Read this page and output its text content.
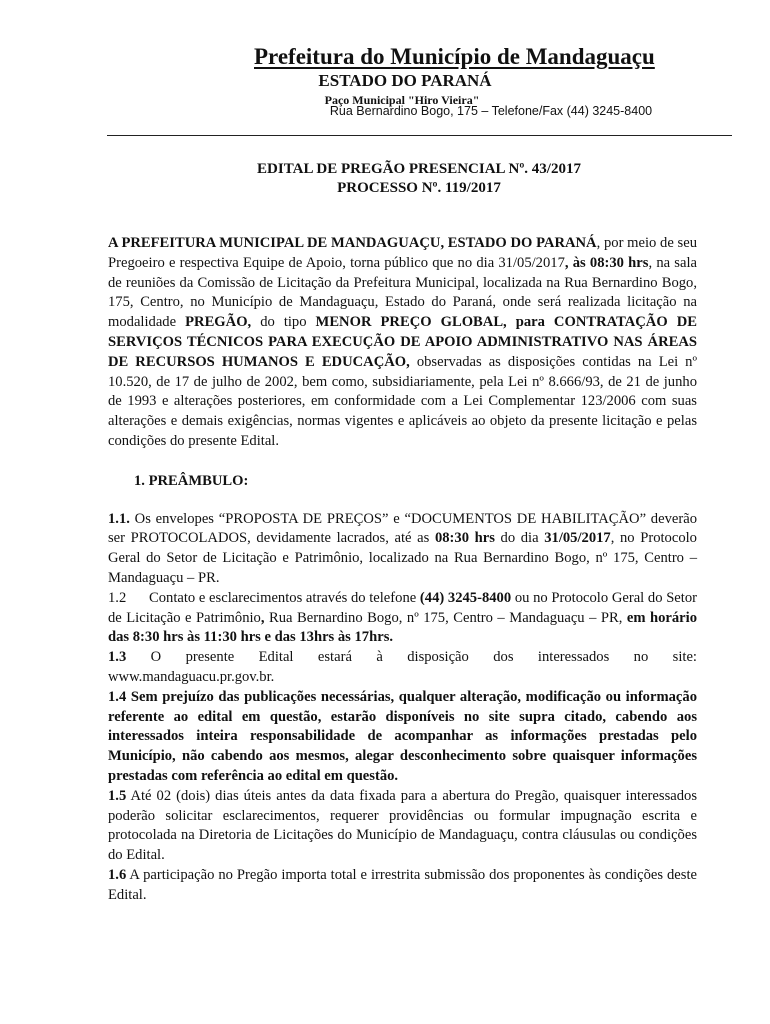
Prefeitura do Município de Mandaguaçu
ESTADO DO PARANÁ
Paço Municipal "Hiro Vieira"
Rua Bernardino Bogo, 175 – Telefone/Fax (44) 3245-8400
EDITAL DE PREGÃO PRESENCIAL Nº. 43/2017
PROCESSO Nº. 119/2017

A PREFEITURA MUNICIPAL DE MANDAGUAÇU, ESTADO DO PARANÁ, por meio de seu Pregoeiro e respectiva Equipe de Apoio, torna público que no dia 31/05/2017, às 08:30 hrs, na sala de reuniões da Comissão de Licitação da Prefeitura Municipal, localizada na Rua Bernardino Bogo, 175, Centro, no Município de Mandaguaçu, Estado do Paraná, onde será realizada licitação na modalidade PREGÃO, do tipo MENOR PREÇO GLOBAL, para CONTRATAÇÃO DE SERVIÇOS TÉCNICOS PARA EXECUÇÃO DE APOIO ADMINISTRATIVO NAS ÁREAS DE RECURSOS HUMANOS E EDUCAÇÃO, observadas as disposições contidas na Lei nº 10.520, de 17 de julho de 2002, bem como, subsidiariamente, pela Lei nº 8.666/93, de 21 de junho de 1993 e alterações posteriores, em conformidade com a Lei Complementar 123/2006 com suas alterações e demais exigências, normas vigentes e aplicáveis ao objeto da presente licitação e pelas condições do presente Edital.

1. PREÂMBULO:

1.1. Os envelopes “PROPOSTA DE PREÇOS” e “DOCUMENTOS DE HABILITAÇÃO” deverão ser PROTOCOLADOS, devidamente lacrados, até as 08:30 hrs do dia 31/05/2017, no Protocolo Geral do Setor de Licitação e Patrimônio, localizado na Rua Bernardino Bogo, nº 175, Centro – Mandaguaçu – PR.

1.2 Contato e esclarecimentos através do telefone (44) 3245-8400 ou no Protocolo Geral do Setor de Licitação e Patrimônio, Rua Bernardino Bogo, nº 175, Centro – Mandaguaçu – PR, em horário das 8:30 hrs às 11:30 hrs e das 13hrs às 17hrs.

1.3 O presente Edital estará à disposição dos interessados no site:

www.mandaguacu.pr.gov.br.

1.4 Sem prejuízo das publicações necessárias, qualquer alteração, modificação ou informação referente ao edital em questão, estarão disponíveis no site supra citado, cabendo aos interessados inteira responsabilidade de acompanhar as informações prestadas pelo Município, não cabendo aos mesmos, alegar desconhecimento sobre quaisquer informações prestadas com referência ao edital em questão.

1.5 Até 02 (dois) dias úteis antes da data fixada para a abertura do Pregão, quaisquer interessados poderão solicitar esclarecimentos, requerer providências ou formular impugnação escrita e protocolada na Diretoria de Licitações do Município de Mandaguaçu, contra cláusulas ou condições do Edital.

1.6 A participação no Pregão importa total e irrestrita submissão dos proponentes às condições deste Edital.
